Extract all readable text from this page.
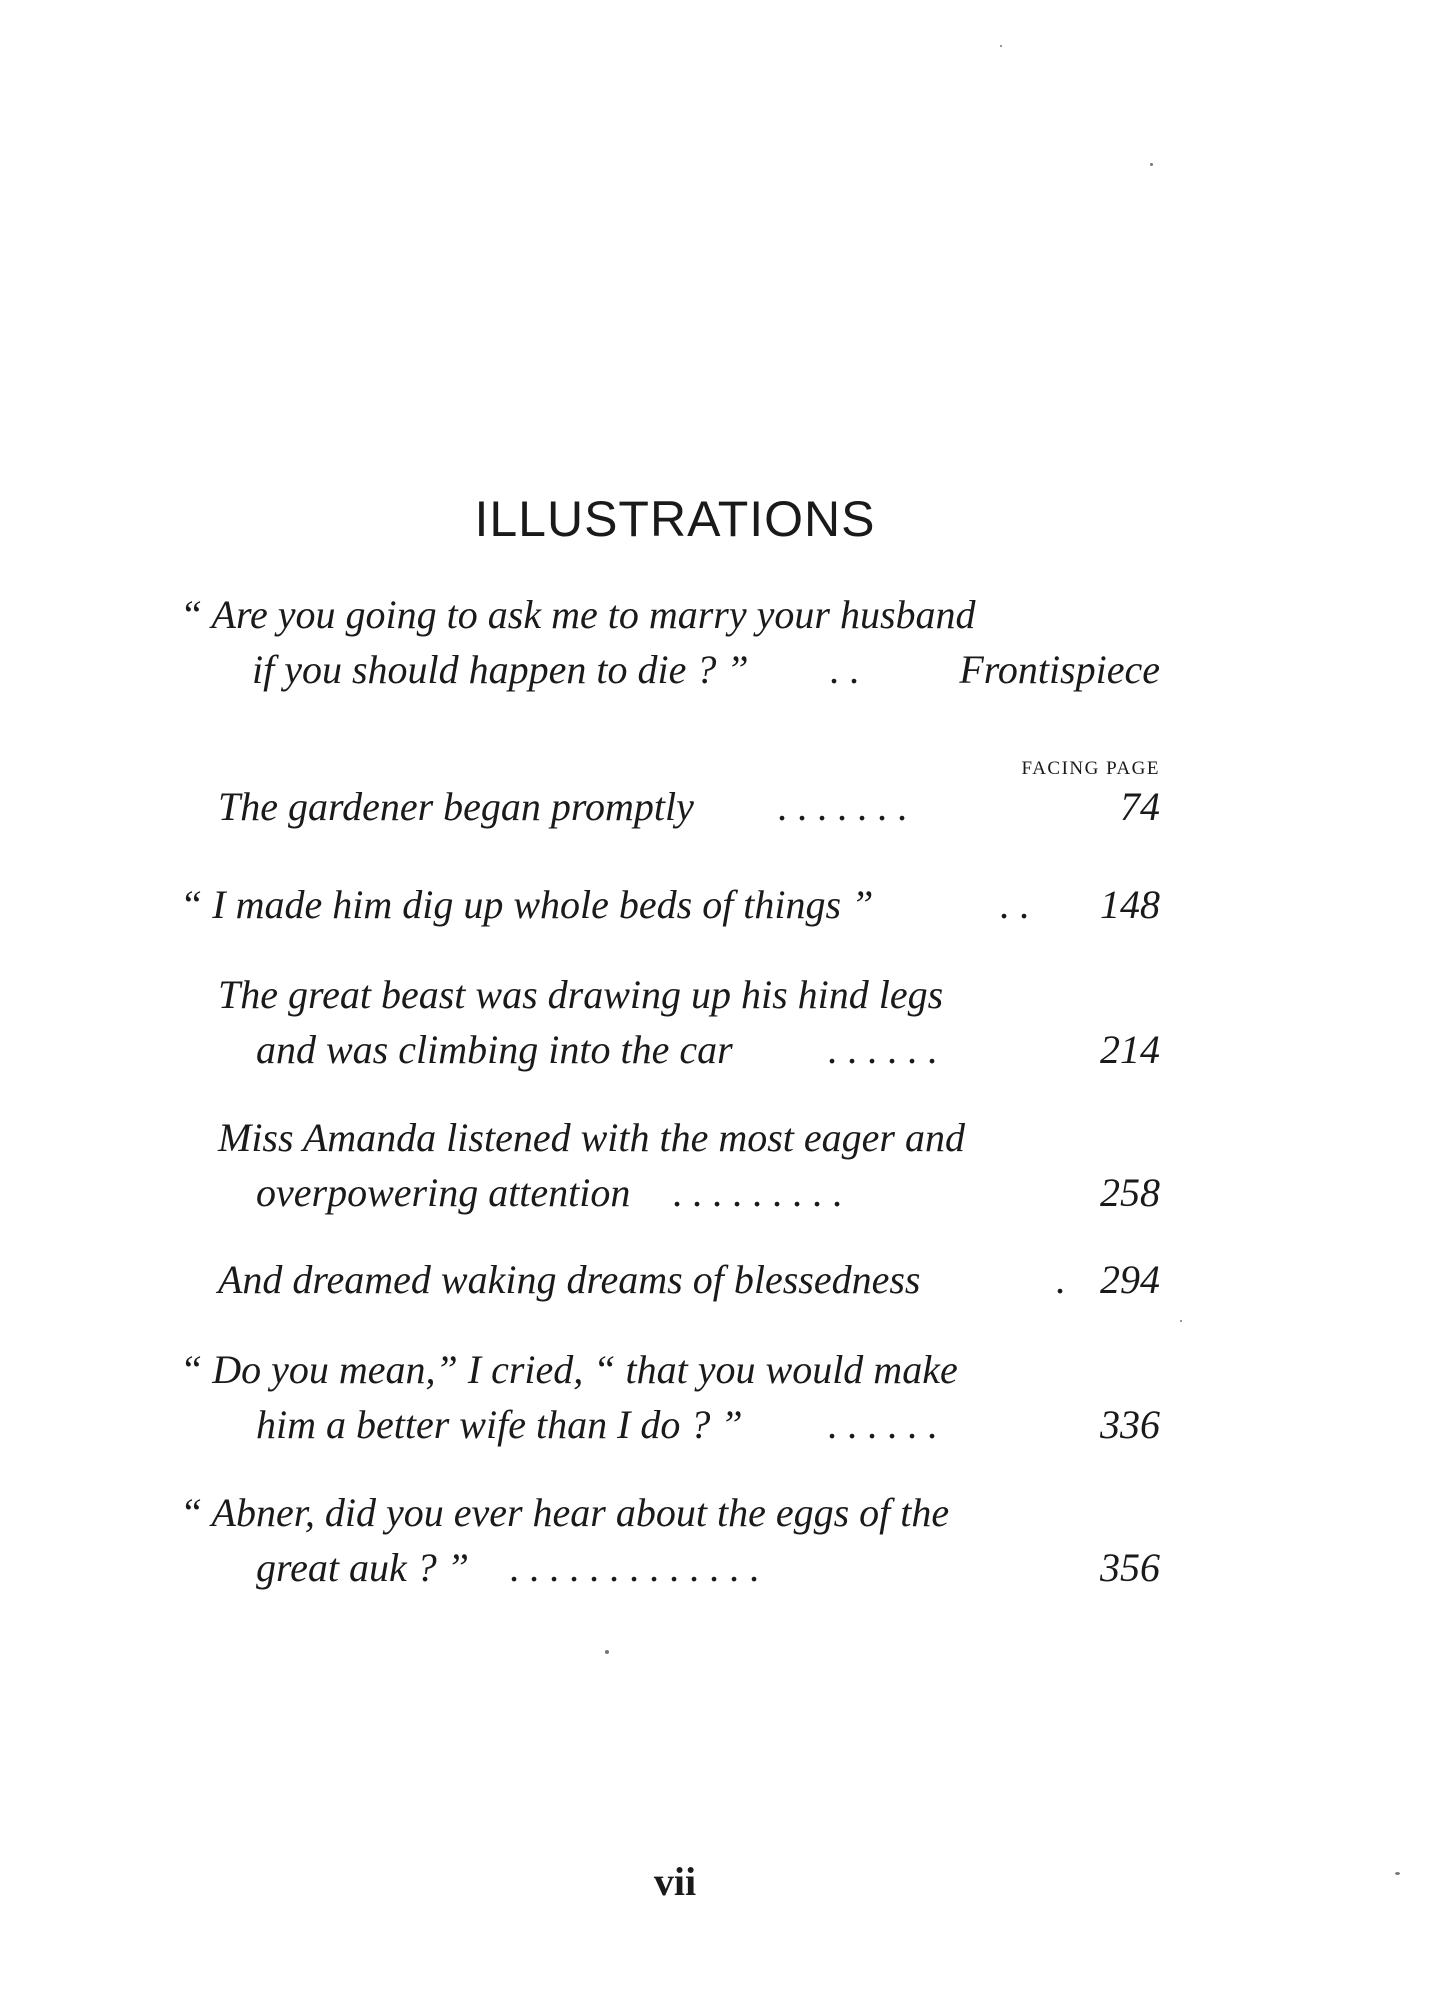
ILLUSTRATIONS
“ Are you going to ask me to marry your husband
if you should happen to die ? ” . . Frontispiece
FACING PAGE
The gardener began promptly . . . . . . .	74
“ I made him dig up whole beds of things ”	. . 148
The great beast was drawing up his hind legs
and was climbing into the car . . . . . .	214
Miss Amanda listened with the most eager and
overpowering attention . . . . . . . . .	258
And dreamed waking dreams of blessedness	. 294
“ Do you mean,” I cried, “ that you would make
him a better wife than I do ? ” . . . . . .	336
“ Abner, did you ever hear about the eggs of the
great auk ? ” . . . . . . . . . . . . .	356
vii
